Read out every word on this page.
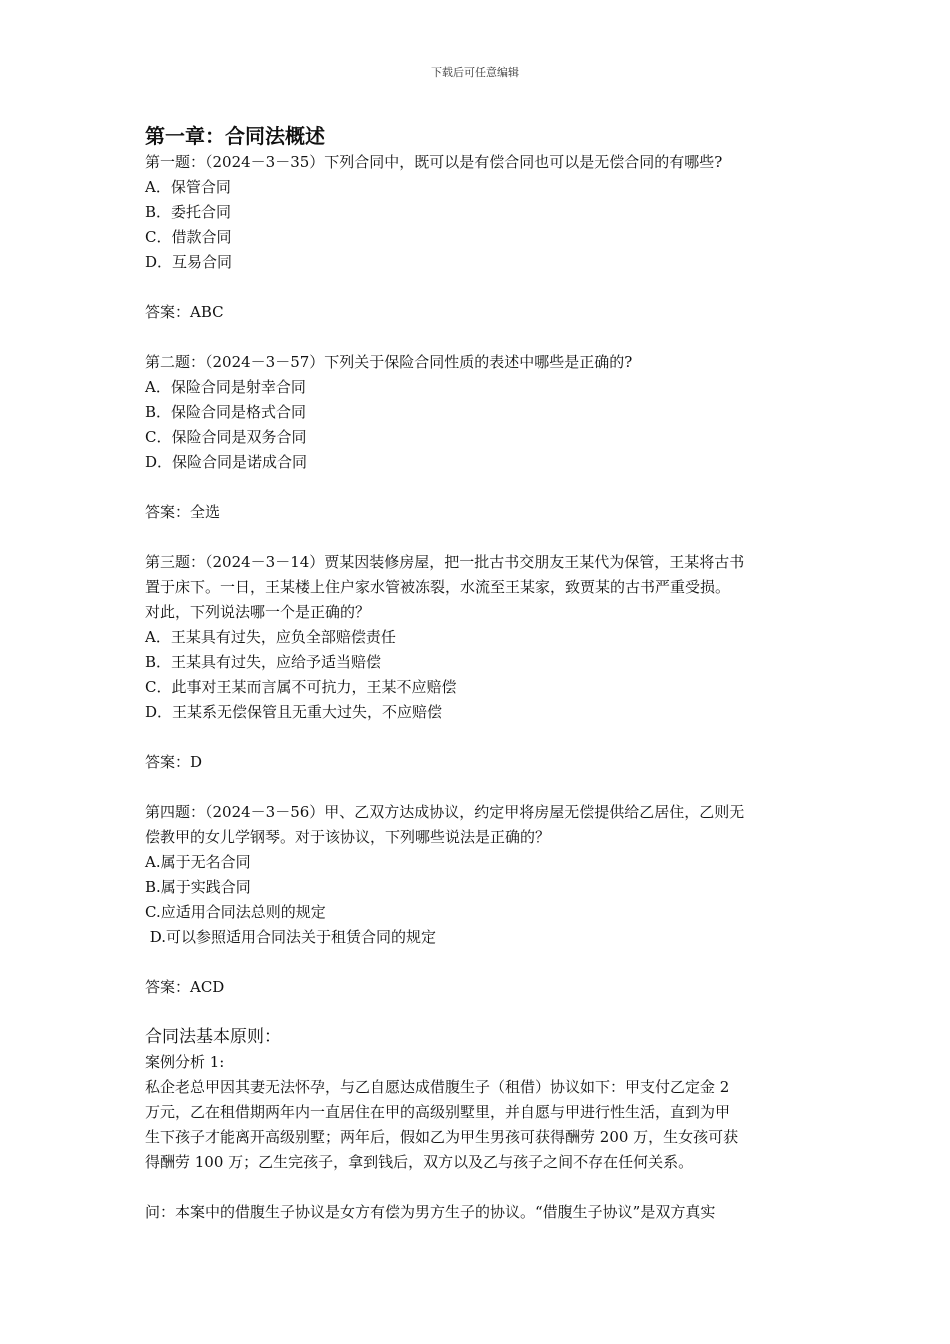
下载后可任意编辑
第一章：合同法概述

第一题：（2024－3－35）下列合同中，既可以是有偿合同也可以是无偿合同的有哪些?

A．保管合同

B．委托合同

C．借款合同

D．互易合同

答案：ABC

第二题：（2024－3－57）下列关于保险合同性质的表述中哪些是正确的?

A．保险合同是射幸合同

B．保险合同是格式合同

C．保险合同是双务合同

D．保险合同是诺成合同

答案：全选

第三题：（2024－3－14）贾某因装修房屋，把一批古书交朋友王某代为保管，王某将古书

置于床下。一日，王某楼上住户家水管被冻裂，水流至王某家，致贾某的古书严重受损。

对此，下列说法哪一个是正确的？

A．王某具有过失，应负全部赔偿责任

B．王某具有过失，应给予适当赔偿

C．此事对王某而言属不可抗力，王某不应赔偿

D．王某系无偿保管且无重大过失，不应赔偿

答案：D

第四题：（2024－3－56）甲、乙双方达成协议，约定甲将房屋无偿提供给乙居住，乙则无

偿教甲的女儿学钢琴。对于该协议，下列哪些说法是正确的？

A.属于无名合同

B.属于实践合同

C.应适用合同法总则的规定

D.可以参照适用合同法关于租赁合同的规定

答案：ACD

合同法基本原则：

案例分析 1:

私企老总甲因其妻无法怀孕，与乙自愿达成借腹生子（租借）协议如下：甲支付乙定金 2

万元，乙在租借期两年内一直居住在甲的高级别墅里，并自愿与甲进行性生活，直到为甲

生下孩子才能离开高级别墅；两年后，假如乙为甲生男孩可获得酬劳 200 万，生女孩可获

得酬劳 100 万；乙生完孩子，拿到钱后，双方以及乙与孩子之间不存在任何关系。

问：本案中的借腹生子协议是女方有偿为男方生子的协议。“借腹生子协议”是双方真实
